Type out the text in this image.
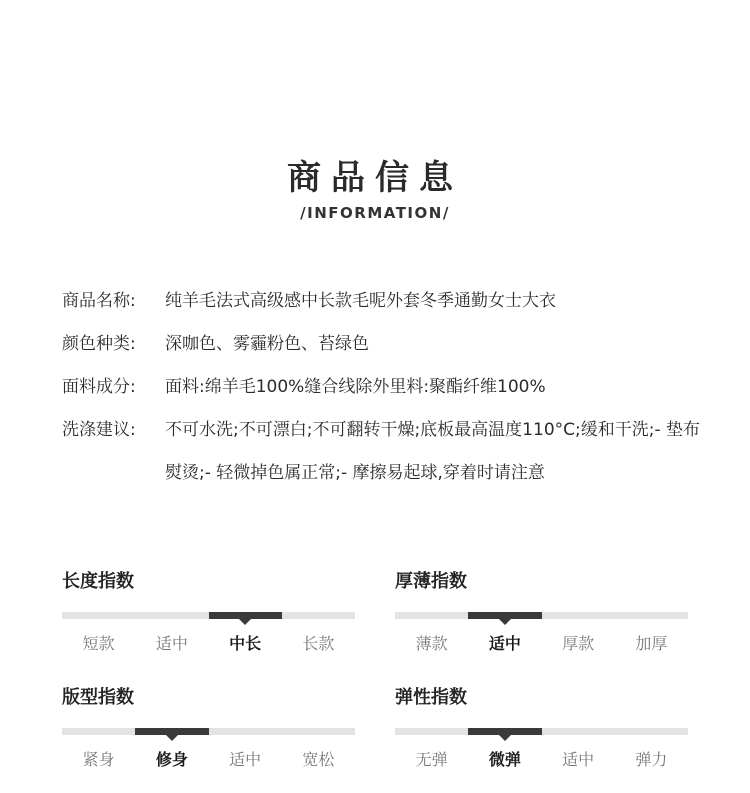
商品信息
/INFORMATION/
商品名称:	纯羊毛法式高级感中长款毛呢外套冬季通勤女士大衣
颜色种类:	深咖色、雾霾粉色、苔绿色
面料成分:	面料:绵羊毛100%缝合线除外里料:聚酯纤维100%
洗涤建议:	不可水洗;不可漂白;不可翻转干燥;底板最高温度110°C;缓和干洗;- 垫布熨烫;- 轻微掉色属正常;- 摩擦易起球,穿着时请注意
长度指数
短款	适中	中长	长款
厚薄指数
薄款	适中	厚款	加厚
版型指数
紧身	修身	适中	宽松
弹性指数
无弹	微弹	适中	弹力
